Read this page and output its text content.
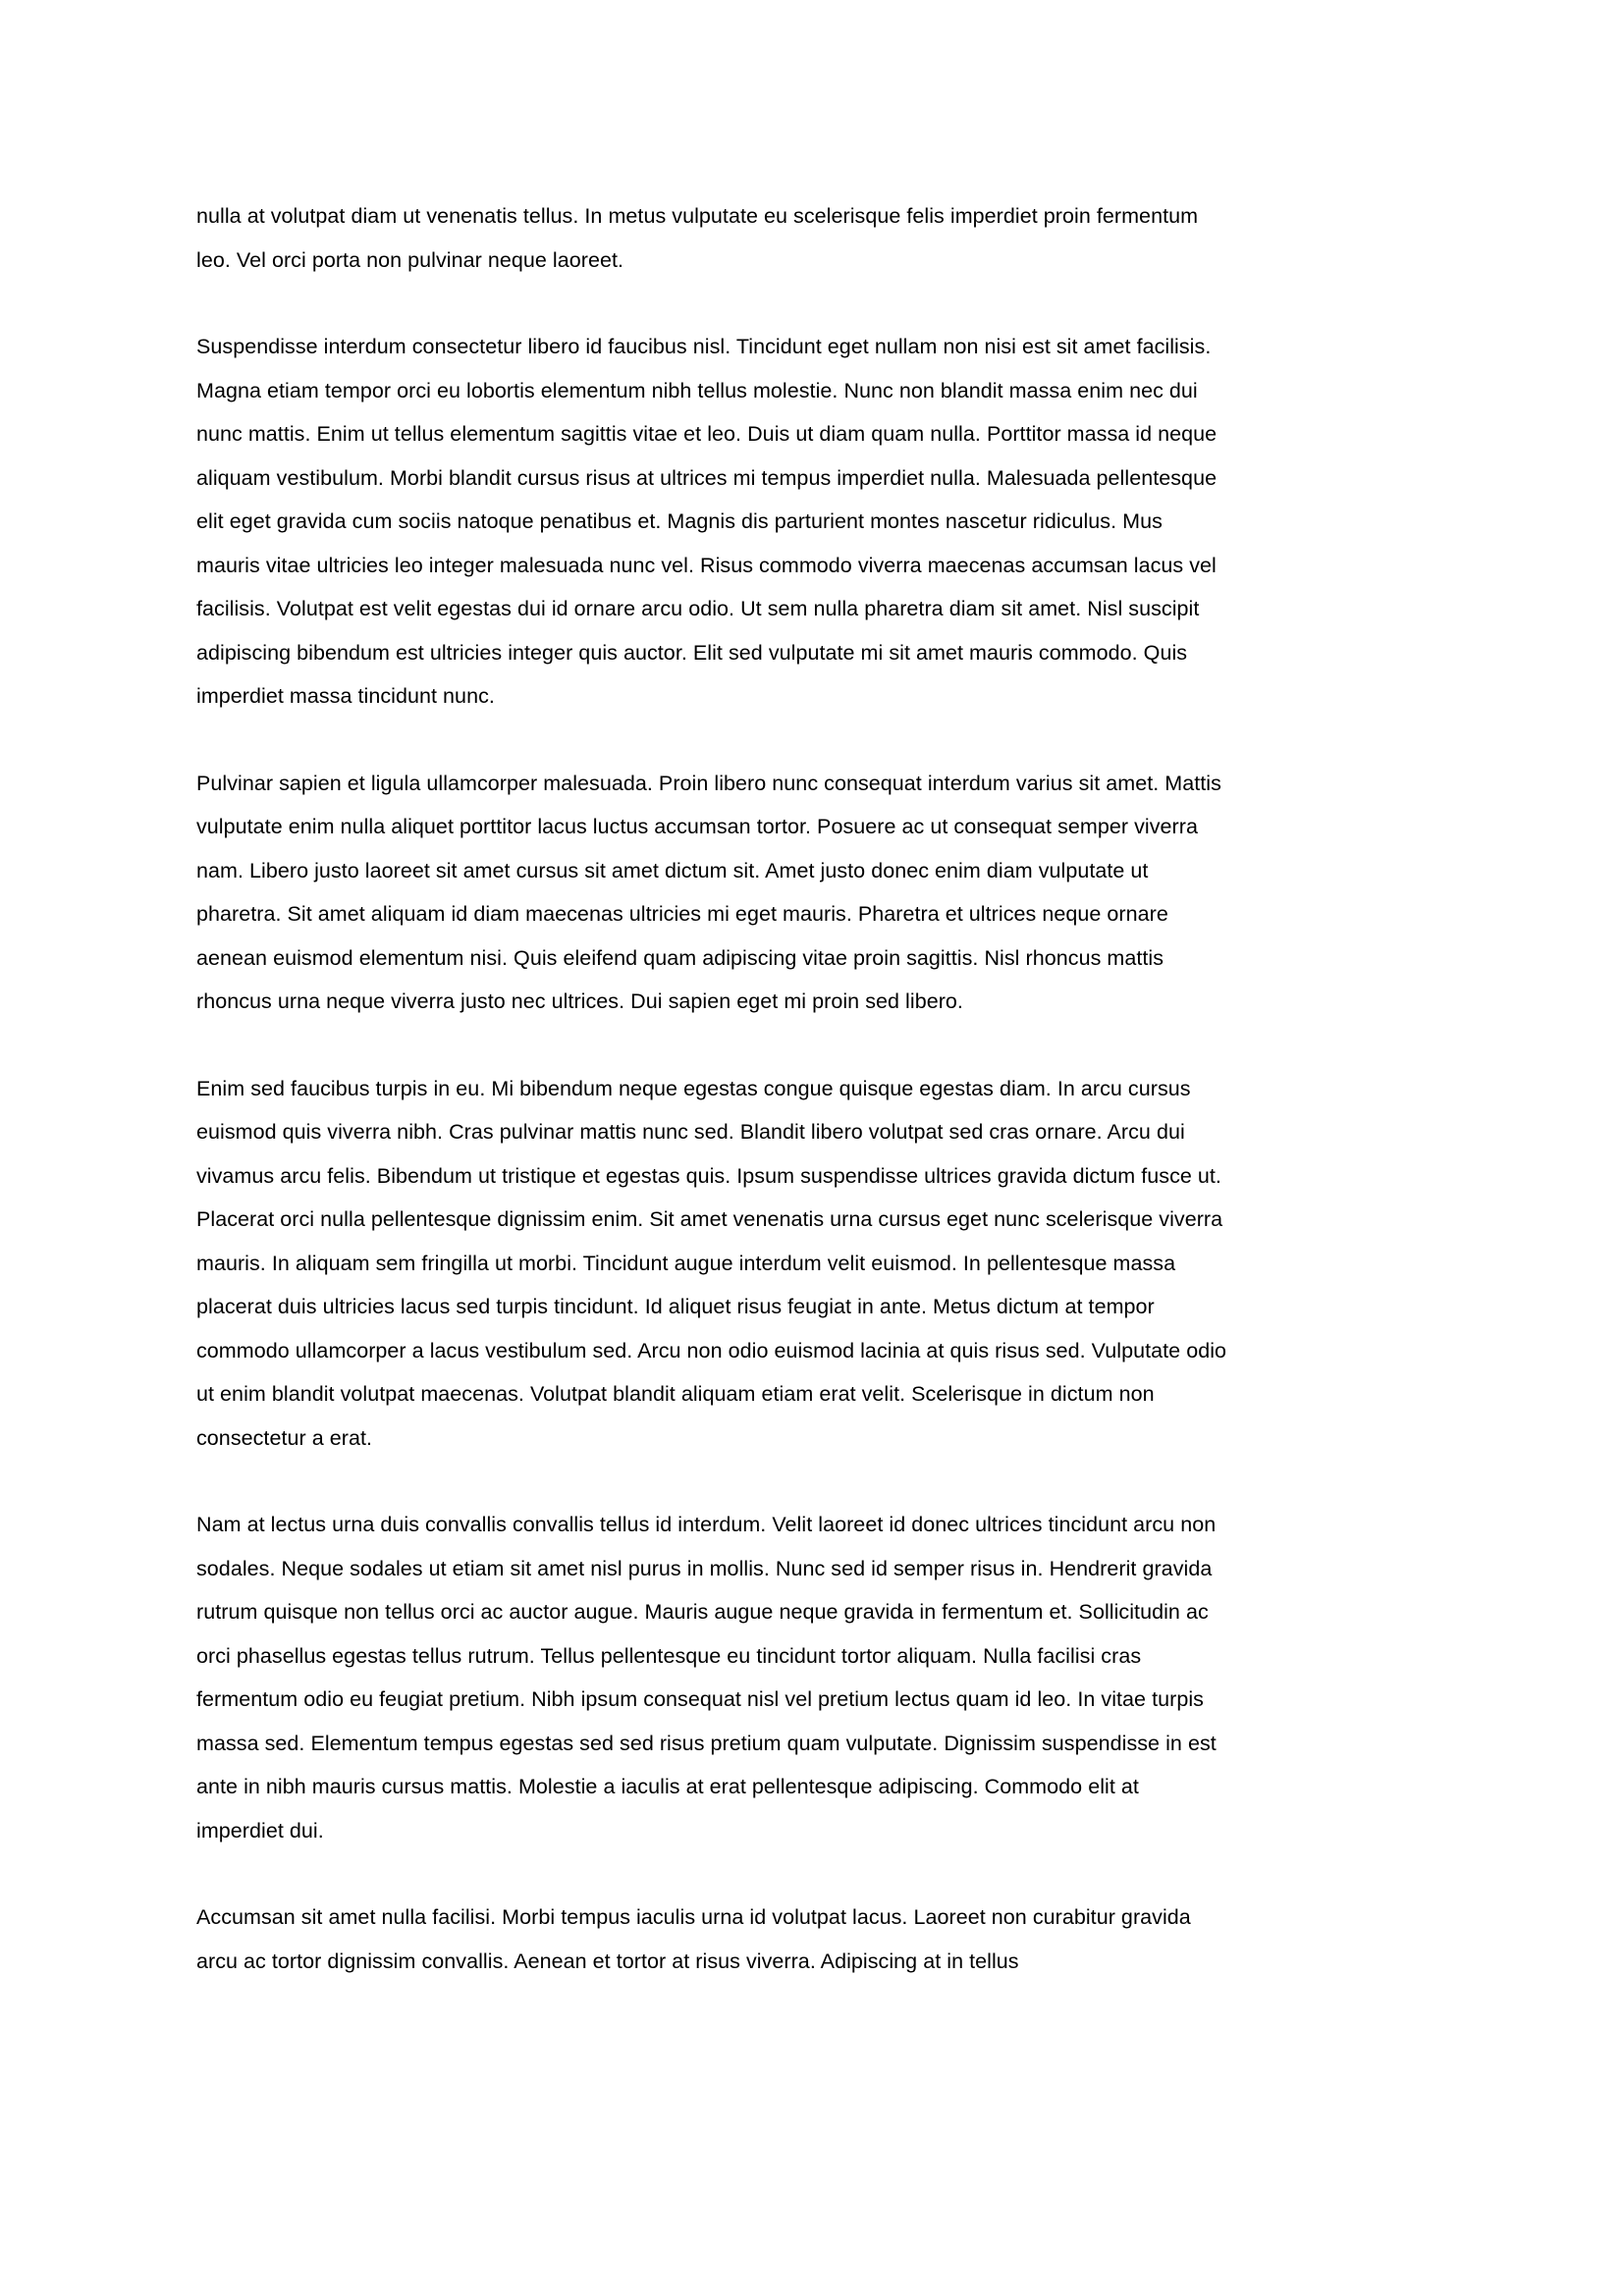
nulla at volutpat diam ut venenatis tellus. In metus vulputate eu scelerisque felis imperdiet proin fermentum leo. Vel orci porta non pulvinar neque laoreet.

Suspendisse interdum consectetur libero id faucibus nisl. Tincidunt eget nullam non nisi est sit amet facilisis. Magna etiam tempor orci eu lobortis elementum nibh tellus molestie. Nunc non blandit massa enim nec dui nunc mattis. Enim ut tellus elementum sagittis vitae et leo. Duis ut diam quam nulla. Porttitor massa id neque aliquam vestibulum. Morbi blandit cursus risus at ultrices mi tempus imperdiet nulla. Malesuada pellentesque elit eget gravida cum sociis natoque penatibus et. Magnis dis parturient montes nascetur ridiculus. Mus mauris vitae ultricies leo integer malesuada nunc vel. Risus commodo viverra maecenas accumsan lacus vel facilisis. Volutpat est velit egestas dui id ornare arcu odio. Ut sem nulla pharetra diam sit amet. Nisl suscipit adipiscing bibendum est ultricies integer quis auctor. Elit sed vulputate mi sit amet mauris commodo. Quis imperdiet massa tincidunt nunc.

Pulvinar sapien et ligula ullamcorper malesuada. Proin libero nunc consequat interdum varius sit amet. Mattis vulputate enim nulla aliquet porttitor lacus luctus accumsan tortor. Posuere ac ut consequat semper viverra nam. Libero justo laoreet sit amet cursus sit amet dictum sit. Amet justo donec enim diam vulputate ut pharetra. Sit amet aliquam id diam maecenas ultricies mi eget mauris. Pharetra et ultrices neque ornare aenean euismod elementum nisi. Quis eleifend quam adipiscing vitae proin sagittis. Nisl rhoncus mattis rhoncus urna neque viverra justo nec ultrices. Dui sapien eget mi proin sed libero.

Enim sed faucibus turpis in eu. Mi bibendum neque egestas congue quisque egestas diam. In arcu cursus euismod quis viverra nibh. Cras pulvinar mattis nunc sed. Blandit libero volutpat sed cras ornare. Arcu dui vivamus arcu felis. Bibendum ut tristique et egestas quis. Ipsum suspendisse ultrices gravida dictum fusce ut. Placerat orci nulla pellentesque dignissim enim. Sit amet venenatis urna cursus eget nunc scelerisque viverra mauris. In aliquam sem fringilla ut morbi. Tincidunt augue interdum velit euismod. In pellentesque massa placerat duis ultricies lacus sed turpis tincidunt. Id aliquet risus feugiat in ante. Metus dictum at tempor commodo ullamcorper a lacus vestibulum sed. Arcu non odio euismod lacinia at quis risus sed. Vulputate odio ut enim blandit volutpat maecenas. Volutpat blandit aliquam etiam erat velit. Scelerisque in dictum non consectetur a erat.

Nam at lectus urna duis convallis convallis tellus id interdum. Velit laoreet id donec ultrices tincidunt arcu non sodales. Neque sodales ut etiam sit amet nisl purus in mollis. Nunc sed id semper risus in. Hendrerit gravida rutrum quisque non tellus orci ac auctor augue. Mauris augue neque gravida in fermentum et. Sollicitudin ac orci phasellus egestas tellus rutrum. Tellus pellentesque eu tincidunt tortor aliquam. Nulla facilisi cras fermentum odio eu feugiat pretium. Nibh ipsum consequat nisl vel pretium lectus quam id leo. In vitae turpis massa sed. Elementum tempus egestas sed sed risus pretium quam vulputate. Dignissim suspendisse in est ante in nibh mauris cursus mattis. Molestie a iaculis at erat pellentesque adipiscing. Commodo elit at imperdiet dui.

Accumsan sit amet nulla facilisi. Morbi tempus iaculis urna id volutpat lacus. Laoreet non curabitur gravida arcu ac tortor dignissim convallis. Aenean et tortor at risus viverra. Adipiscing at in tellus
